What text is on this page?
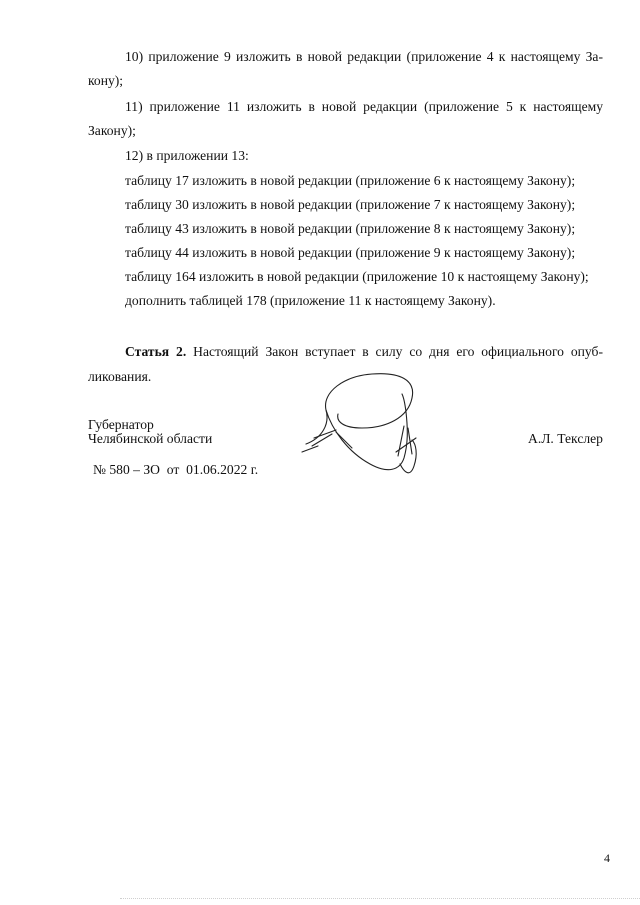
10) приложение 9 изложить в новой редакции (приложение 4 к настоящему За-
кону);
11) приложение 11 изложить в новой редакции (приложение 5 к настоящему
Закону);
12) в приложении 13:
таблицу 17 изложить в новой редакции (приложение 6 к настоящему Закону);
таблицу 30 изложить в новой редакции (приложение 7 к настоящему Закону);
таблицу 43 изложить в новой редакции (приложение 8 к настоящему Закону);
таблицу 44 изложить в новой редакции (приложение 9 к настоящему Закону);
таблицу 164 изложить в новой редакции (приложение 10 к настоящему Закону);
дополнить таблицей 178 (приложение 11 к настоящему Закону).
Статья 2. Настоящий Закон вступает в силу со дня его официального опуб-
ликования.
Губернатор
Челябинской области	А.Л. Текслер
№ 580 – ЗО  от  01.06.2022 г.
4
